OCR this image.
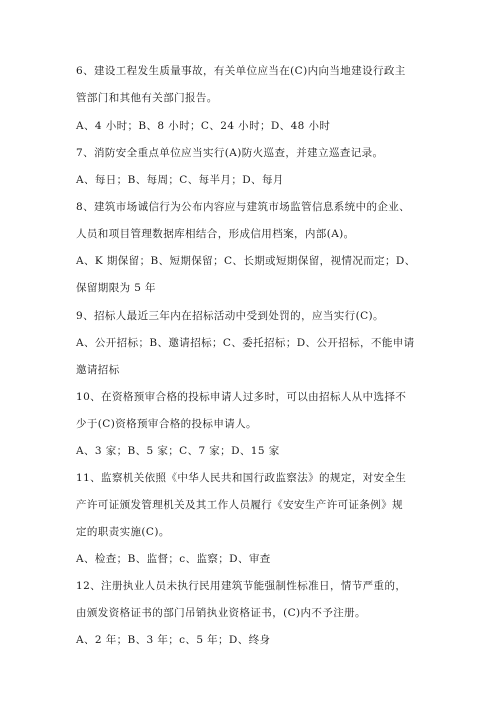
6、建设工程发生质量事故，有关单位应当在(C)内向当地建设行政主
管部门和其他有关部门报告。
A、4 小时；B、8 小时；C、24 小时；D、48 小时
7、消防安全重点单位应当实行(A)防火巡查，并建立巡查记录。
A、每日；B、每周；C、每半月；D、每月
8、建筑市场诚信行为公布内容应与建筑市场监管信息系统中的企业、
人员和项目管理数据库相结合，形成信用档案，内部(A)。
A、K 期保留；B、短期保留；C、长期或短期保留，视情况而定；D、
保留期限为 5 年
9、招标人最近三年内在招标活动中受到处罚的，应当实行(C)。
A、公开招标；B、邀请招标；C、委托招标；D、公开招标，不能申请
邀请招标
10、在资格预审合格的投标申请人过多时，可以由招标人从中选择不
少于(C)资格预审合格的投标申请人。
A、3 家；B、5 家；C、7 家；D、15 家
11、监察机关依照《中华人民共和国行政监察法》的规定，对安全生
产许可证颁发管理机关及其工作人员履行《安安生产许可证条例》规
定的职责实施(C)。
A、检查；B、监督；c、监察；D、审查
12、注册执业人员未执行民用建筑节能强制性标准日，情节严重的，
由颁发资格证书的部门吊销执业资格证书，(C)内不予注册。
A、2 年；B、3 年；c、5 年；D、终身
